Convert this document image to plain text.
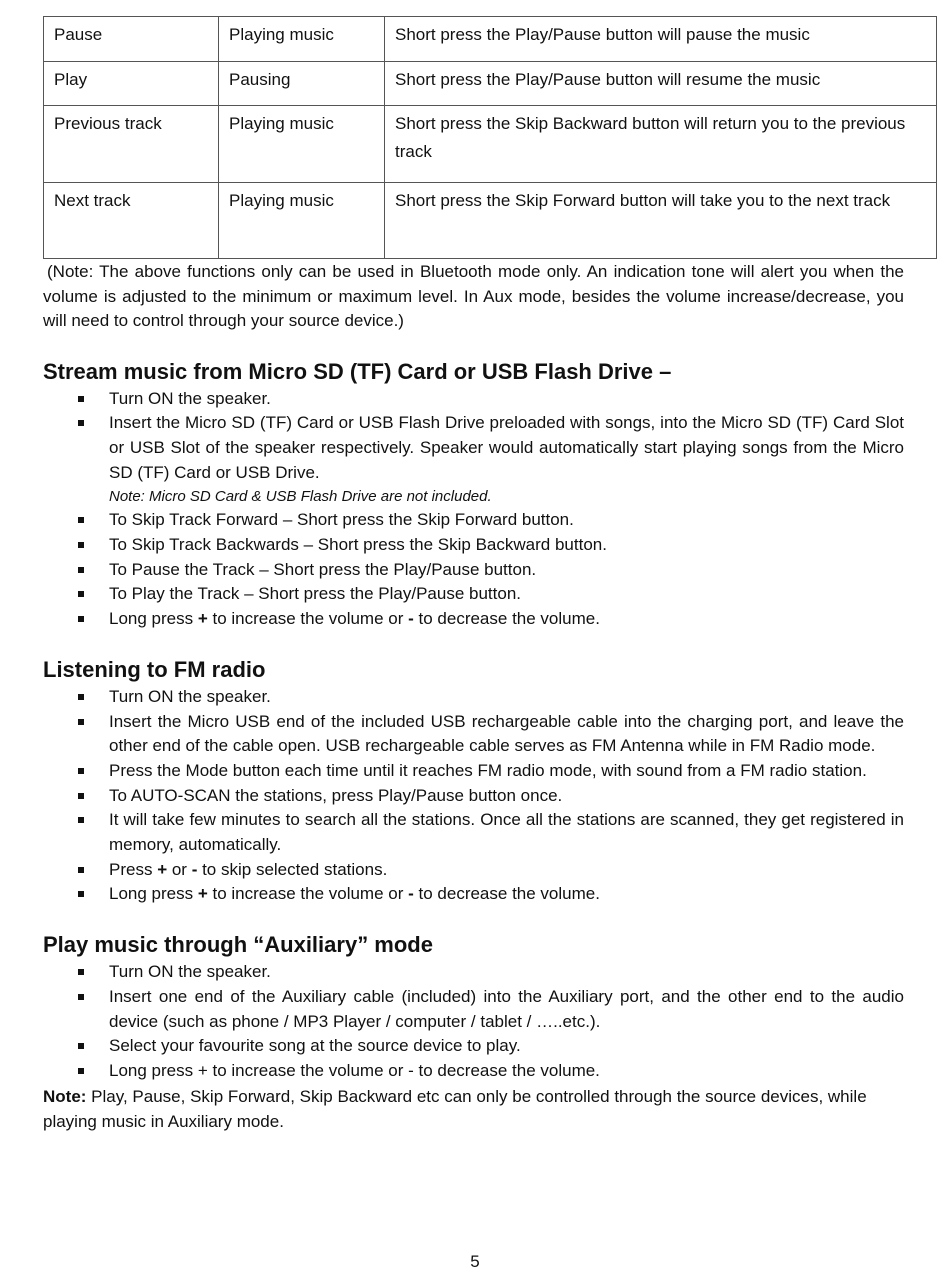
Pause	Playing music	Short press the Play/Pause button will pause the music
Play	Pausing	Short press the Play/Pause button will resume the music
Previous track	Playing music	Short press the Skip Backward button will return you to the previous track
Next track	Playing music	Short press the Skip Forward button will take you to the next track

(Note: The above functions only can be used in Bluetooth mode only. An indication tone will alert you when the volume is adjusted to the minimum or maximum level. In Aux mode, besides the volume increase/decrease, you will need to control through your source device.)

Stream music from Micro SD (TF) Card or USB Flash Drive –
Turn ON the speaker.
Insert the Micro SD (TF) Card or USB Flash Drive preloaded with songs, into the Micro SD (TF) Card Slot or USB Slot of the speaker respectively. Speaker would automatically start playing songs from the Micro SD (TF) Card or USB Drive.
Note: Micro SD Card & USB Flash Drive are not included.
To Skip Track Forward – Short press the Skip Forward button.
To Skip Track Backwards – Short press the Skip Backward button.
To Pause the Track – Short press the Play/Pause button.
To Play the Track – Short press the Play/Pause button.
Long press + to increase the volume or - to decrease the volume.
Listening to FM radio
Turn ON the speaker.
Insert the Micro USB end of the included USB rechargeable cable into the charging port, and leave the other end of the cable open. USB rechargeable cable serves as FM Antenna while in FM Radio mode.
Press the Mode button each time until it reaches FM radio mode, with sound from a FM radio station.
To AUTO-SCAN the stations, press Play/Pause button once.
It will take few minutes to search all the stations. Once all the stations are scanned, they get registered in memory, automatically.
Press + or - to skip selected stations.
Long press + to increase the volume or - to decrease the volume.
Play music through “Auxiliary” mode
Turn ON the speaker.
Insert one end of the Auxiliary cable (included) into the Auxiliary port, and the other end to the audio device (such as phone / MP3 Player / computer / tablet / …..etc.).
Select your favourite song at the source device to play.
Long press + to increase the volume or - to decrease the volume.

Note: Play, Pause, Skip Forward, Skip Backward etc can only be controlled through the source devices, while playing music in Auxiliary mode.

5
